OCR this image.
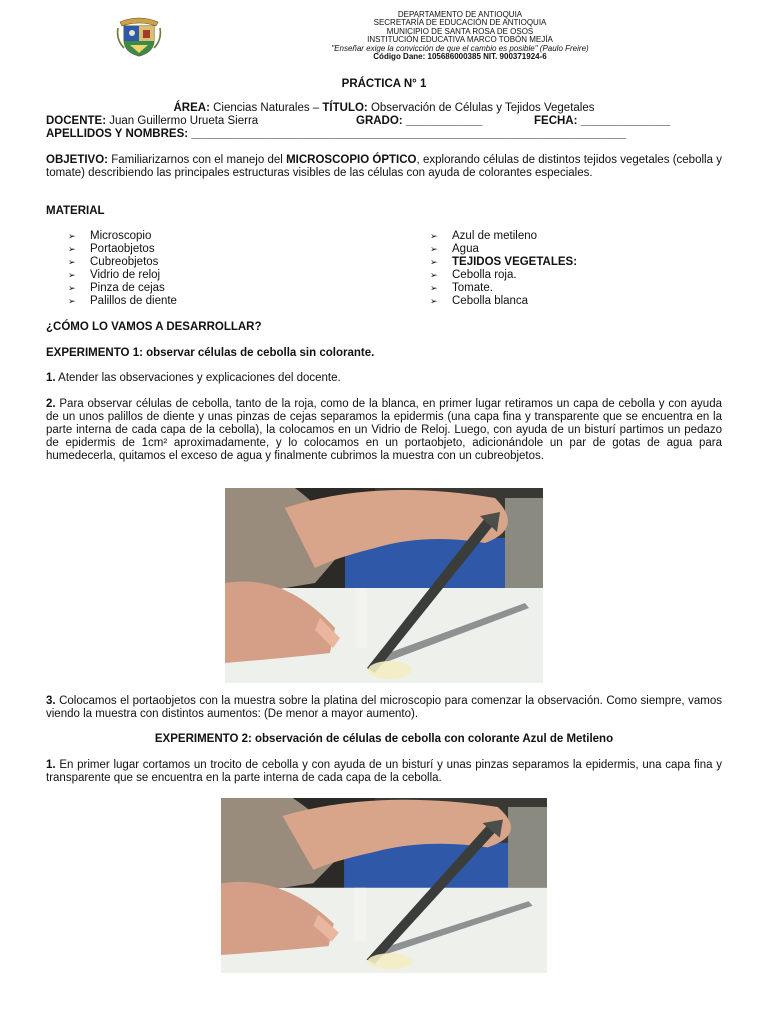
DEPARTAMENTO DE ANTIOQUIA
SECRETARÍA DE EDUCACIÓN DE ANTIOQUIA
MUNICIPIO DE SANTA ROSA DE OSOS
INSTITUCIÓN EDUCATIVA MARCO TOBÓN MEJÍA
"Enseñar exige la convicción de que el cambio es posible" (Paulo Freire)
Código Dane: 105686000385 NIT. 900371924-6
PRÁCTICA N° 1
ÁREA: Ciencias Naturales – TÍTULO: Observación de Células y Tejidos Vegetales
DOCENTE: Juan Guillermo Urueta Sierra	GRADO: ____________	FECHA: ______________
APELLIDOS Y NOMBRES: ____________________________________________________________________
OBJETIVO: Familiarizarnos con el manejo del MICROSCOPIO ÓPTICO, explorando células de distintos tejidos vegetales (cebolla y tomate) describiendo las principales estructuras visibles de las células con ayuda de colorantes especiales.
MATERIAL
➢	Microscopio
➢	Portaobjetos
➢	Cubreobjetos
➢	Vidrio de reloj
➢	Pinza de cejas
➢	Palillos de diente
➢	Azul de metileno
➢	Agua
➢	TEJIDOS VEGETALES:
➢	Cebolla roja.
➢	Tomate.
➢	Cebolla blanca
¿CÓMO LO VAMOS A DESARROLLAR?
EXPERIMENTO 1: observar células de cebolla sin colorante.
1. Atender las observaciones y explicaciones del docente.
2. Para observar células de cebolla, tanto de la roja, como de la blanca, en primer lugar retiramos un capa de cebolla y con ayuda de un unos palillos de diente y unas pinzas de cejas separamos la epidermis (una capa fina y transparente que se encuentra en la parte interna de cada capa de la cebolla), la colocamos en un Vidrio de Reloj. Luego, con ayuda de un bisturí partimos un pedazo de epidermis de 1cm² aproximadamente, y lo colocamos en un portaobjeto, adicionándole un par de gotas de agua para humedecerla, quitamos el exceso de agua y finalmente cubrimos la muestra con un cubreobjetos.
3. Colocamos el portaobjetos con la muestra sobre la platina del microscopio para comenzar la observación. Como siempre, vamos viendo la muestra con distintos aumentos: (De menor a mayor aumento).
EXPERIMENTO 2: observación de células de cebolla con colorante Azul de Metileno
1. En primer lugar cortamos un trocito de cebolla y con ayuda de un bisturí y unas pinzas separamos la epidermis, una capa fina y transparente que se encuentra en la parte interna de cada capa de la cebolla.
